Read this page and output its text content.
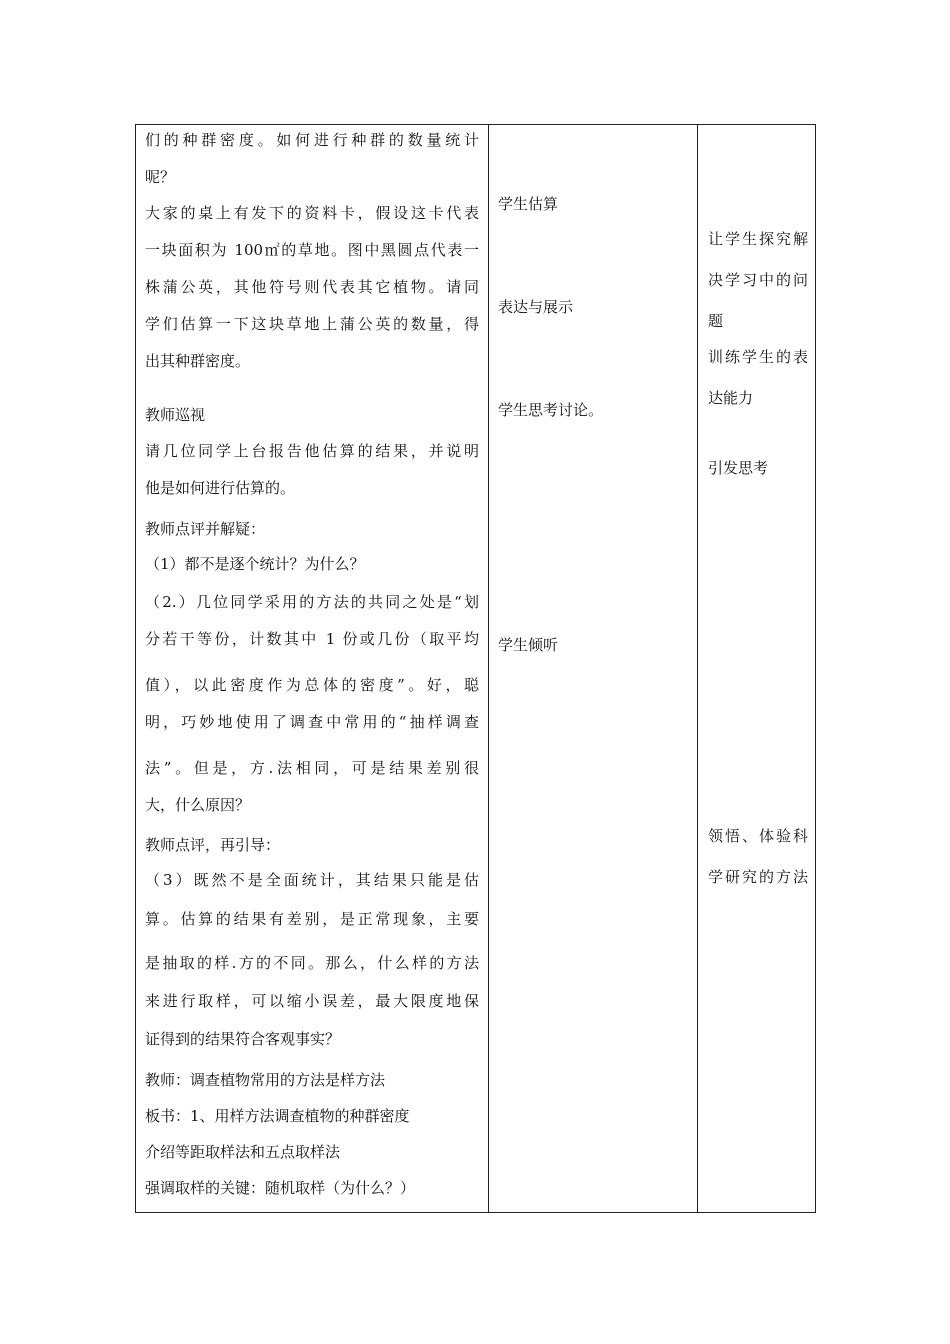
们的种群密度。如何进行种群的数量统计
呢？
大家的桌上有发下的资料卡，假设这卡代表
一块面积为 100㎡的草地。图中黑圆点代表一
株蒲公英，其他符号则代表其它植物。请同
学们估算一下这块草地上蒲公英的数量，得
出其种群密度。
教师巡视
请几位同学上台报告他估算的结果，并说明
他是如何进行估算的。
教师点评并解疑：
（1）都不是逐个统计？为什么？
（2.）几位同学采用的方法的共同之处是“划
分若干等份，计数其中 1 份或几份（取平均
值），以此密度作为总体的密度”。好，聪
明，巧妙地使用了调查中常用的“抽样调查
法”。但是，方.法相同，可是结果差别很
大，什么原因？
教师点评，再引导：
（3）既然不是全面统计，其结果只能是估
算。估算的结果有差别，是正常现象，主要
是抽取的样.方的不同。那么，什么样的方法
来进行取样，可以缩小误差，最大限度地保
证得到的结果符合客观事实？
教师：调查植物常用的方法是样方法
板书：1、用样方法调查植物的种群密度
介绍等距取样法和五点取样法
强调取样的关键：随机取样（为什么？）
学生估算
表达与展示
学生思考讨论。
学生倾听
让学生探究解
决学习中的问
题
训练学生的表
达能力
引发思考
领悟、体验科
学研究的方法
